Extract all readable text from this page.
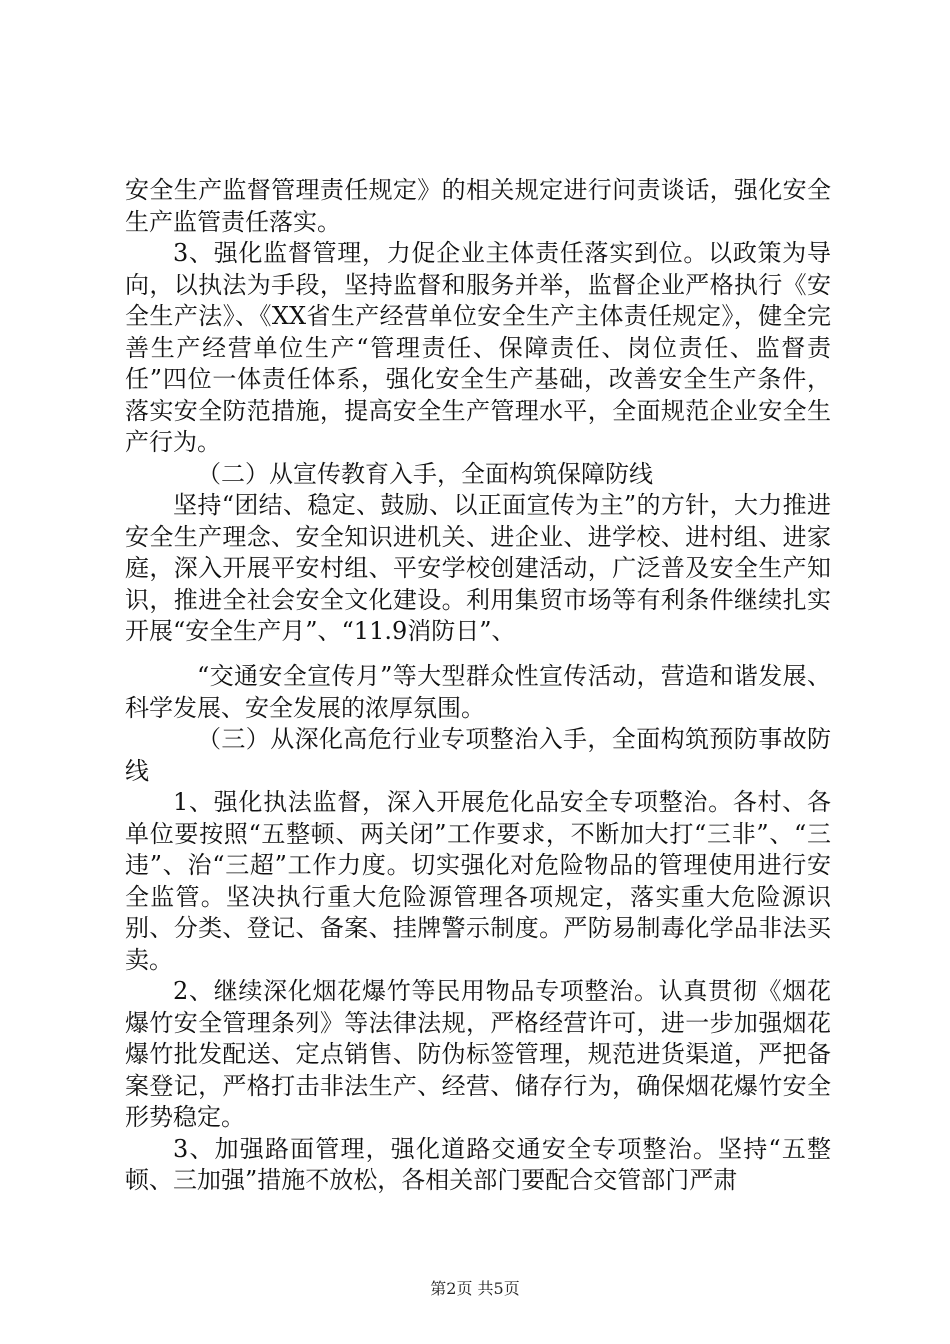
安全生产监督管理责任规定》的相关规定进行问责谈话，强化安全生产监管责任落实。

3、强化监督管理，力促企业主体责任落实到位。以政策为导向，以执法为手段，坚持监督和服务并举，监督企业严格执行《安全生产法》、《XX省生产经营单位安全生产主体责任规定》，健全完善生产经营单位生产“管理责任、保障责任、岗位责任、监督责任”四位一体责任体系，强化安全生产基础，改善安全生产条件，落实安全防范措施，提高安全生产管理水平，全面规范企业安全生产行为。

（二）从宣传教育入手，全面构筑保障防线

坚持“团结、稳定、鼓励、以正面宣传为主”的方针，大力推进安全生产理念、安全知识进机关、进企业、进学校、进村组、进家庭，深入开展平安村组、平安学校创建活动，广泛普及安全生产知识，推进全社会安全文化建设。利用集贸市场等有利条件继续扎实开展“安全生产月”、“11.9消防日”、

“交通安全宣传月”等大型群众性宣传活动，营造和谐发展、科学发展、安全发展的浓厚氛围。

（三）从深化高危行业专项整治入手，全面构筑预防事故防线

1、强化执法监督，深入开展危化品安全专项整治。各村、各单位要按照“五整顿、两关闭”工作要求，不断加大打“三非”、“三违”、治“三超”工作力度。切实强化对危险物品的管理使用进行安全监管。坚决执行重大危险源管理各项规定，落实重大危险源识别、分类、登记、备案、挂牌警示制度。严防易制毒化学品非法买卖。

2、继续深化烟花爆竹等民用物品专项整治。认真贯彻《烟花爆竹安全管理条列》等法律法规，严格经营许可，进一步加强烟花爆竹批发配送、定点销售、防伪标签管理，规范进货渠道，严把备案登记，严格打击非法生产、经营、储存行为，确保烟花爆竹安全形势稳定。

3、加强路面管理，强化道路交通安全专项整治。坚持“五整顿、三加强”措施不放松，各相关部门要配合交管部门严肃

第2页 共5页
